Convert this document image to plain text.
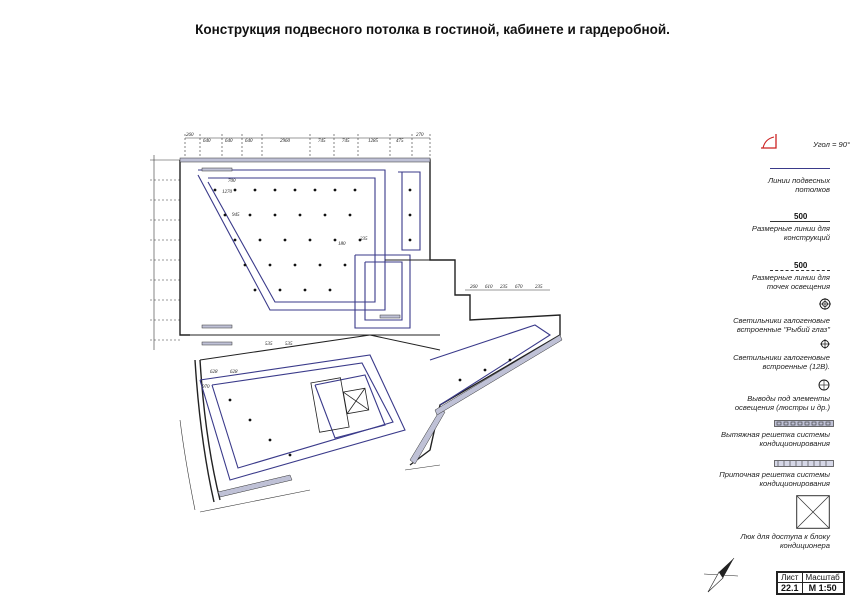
Конструкция подвесного потолка в гостиной, кабинете и гардеробной.
260
640	640	640	2960	745	745	1285	475
270
700
1270
945
180
235
260 610 235 670	235
535	535
628	628
970
Угол = 90°
Линии подвесных потолков
500
Размерные линии для конструкций
500
Размерные линии для точек освещения
Светильники галогеновые встроенные "Рыбий глаз"
Светильники галогеновые встроенные (12В).
Выводы под элементы освещения (люстры и др.)
Вытяжная решетка системы кондиционирования
Приточная решетка системы кондиционирования
Люк для доступа к блоку кондиционера
Лист	Масштаб
22.1	М 1:50
